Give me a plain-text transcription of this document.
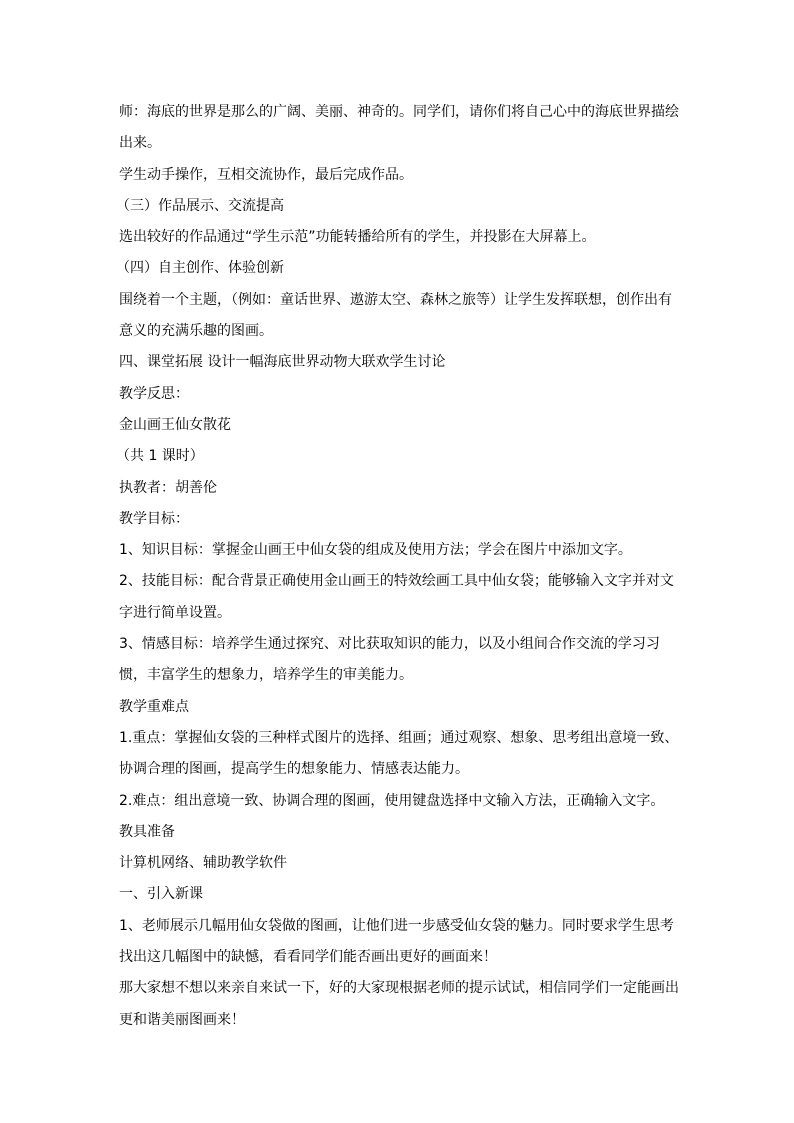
师：海底的世界是那么的广阔、美丽、神奇的。同学们，请你们将自己心中的海底世界描绘出来。

学生动手操作，互相交流协作，最后完成作品。

（三）作品展示、交流提高

选出较好的作品通过“学生示范”功能转播给所有的学生，并投影在大屏幕上。

（四）自主创作、体验创新

围绕着一个主题，（例如：童话世界、遨游太空、森林之旅等）让学生发挥联想，创作出有意义的充满乐趣的图画。

四、课堂拓展 设计一幅海底世界动物大联欢学生讨论

教学反思：

金山画王仙女散花

（共 1 课时）

执教者：胡善伦

教学目标：

1、知识目标：掌握金山画王中仙女袋的组成及使用方法；学会在图片中添加文字。

2、技能目标：配合背景正确使用金山画王的特效绘画工具中仙女袋；能够输入文字并对文字进行简单设置。

3、情感目标：培养学生通过探究、对比获取知识的能力，以及小组间合作交流的学习习惯，丰富学生的想象力，培养学生的审美能力。

教学重难点

1.重点：掌握仙女袋的三种样式图片的选择、组画；通过观察、想象、思考组出意境一致、协调合理的图画，提高学生的想象能力、情感表达能力。

2.难点：组出意境一致、协调合理的图画，使用键盘选择中文输入方法，正确输入文字。

教具准备

计算机网络、辅助教学软件

一、引入新课

1、老师展示几幅用仙女袋做的图画，让他们进一步感受仙女袋的魅力。同时要求学生思考找出这几幅图中的缺憾，看看同学们能否画出更好的画面来！

那大家想不想以来亲自来试一下，好的大家现根据老师的提示试试，相信同学们一定能画出更和谐美丽图画来！
